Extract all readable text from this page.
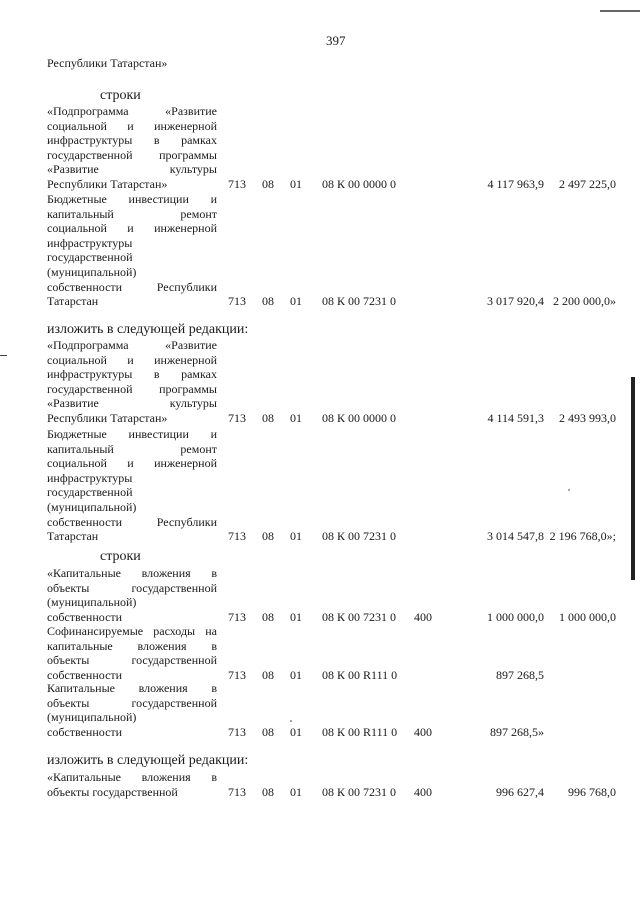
397
Республики Татарстан»
строки
изложить в следующей редакции:
строки
изложить в следующей редакции:
«Подпрограмма «Развитие
социальной и инженерной
инфраструктуры в рамках
государственной программы
«Развитие культуры
Республики Татарстан»	713 08 01 08 К 00 0000 0	4 117 963,9 2 497 225,0
Бюджетные инвестиции и
капитальный ремонт
социальной и инженерной
инфраструктуры
государственной
(муниципальной)
собственности Республики
Татарстан	713 08 01 08 К 00 7231 0	3 017 920,4 2 200 000,0»
«Подпрограмма «Развитие
социальной и инженерной
инфраструктуры в рамках
государственной программы
«Развитие культуры
Республики Татарстан»	713 08 01 08 К 00 0000 0	4 114 591,3 2 493 993,0
Бюджетные инвестиции и
капитальный ремонт
социальной и инженерной
инфраструктуры
государственной
(муниципальной)
собственности Республики
Татарстан	713 08 01 08 К 00 7231 0	3 014 547,8 2 196 768,0»;
«Капитальные вложения в
объекты государственной
(муниципальной)
собственности	713 08 01 08 К 00 7231 0 400	1 000 000,0 1 000 000,0
Софинансируемые расходы на
капитальные вложения в
объекты государственной
собственности	713 08 01 08 К 00 R111 0	897 268,5
Капитальные вложения в
объекты государственной
(муниципальной)
собственности	713 08 01 08 К 00 R111 0 400	897 268,5»
«Капитальные вложения в
объекты государственной	713 08 01 08 К 00 7231 0 400	996 627,4 996 768,0
